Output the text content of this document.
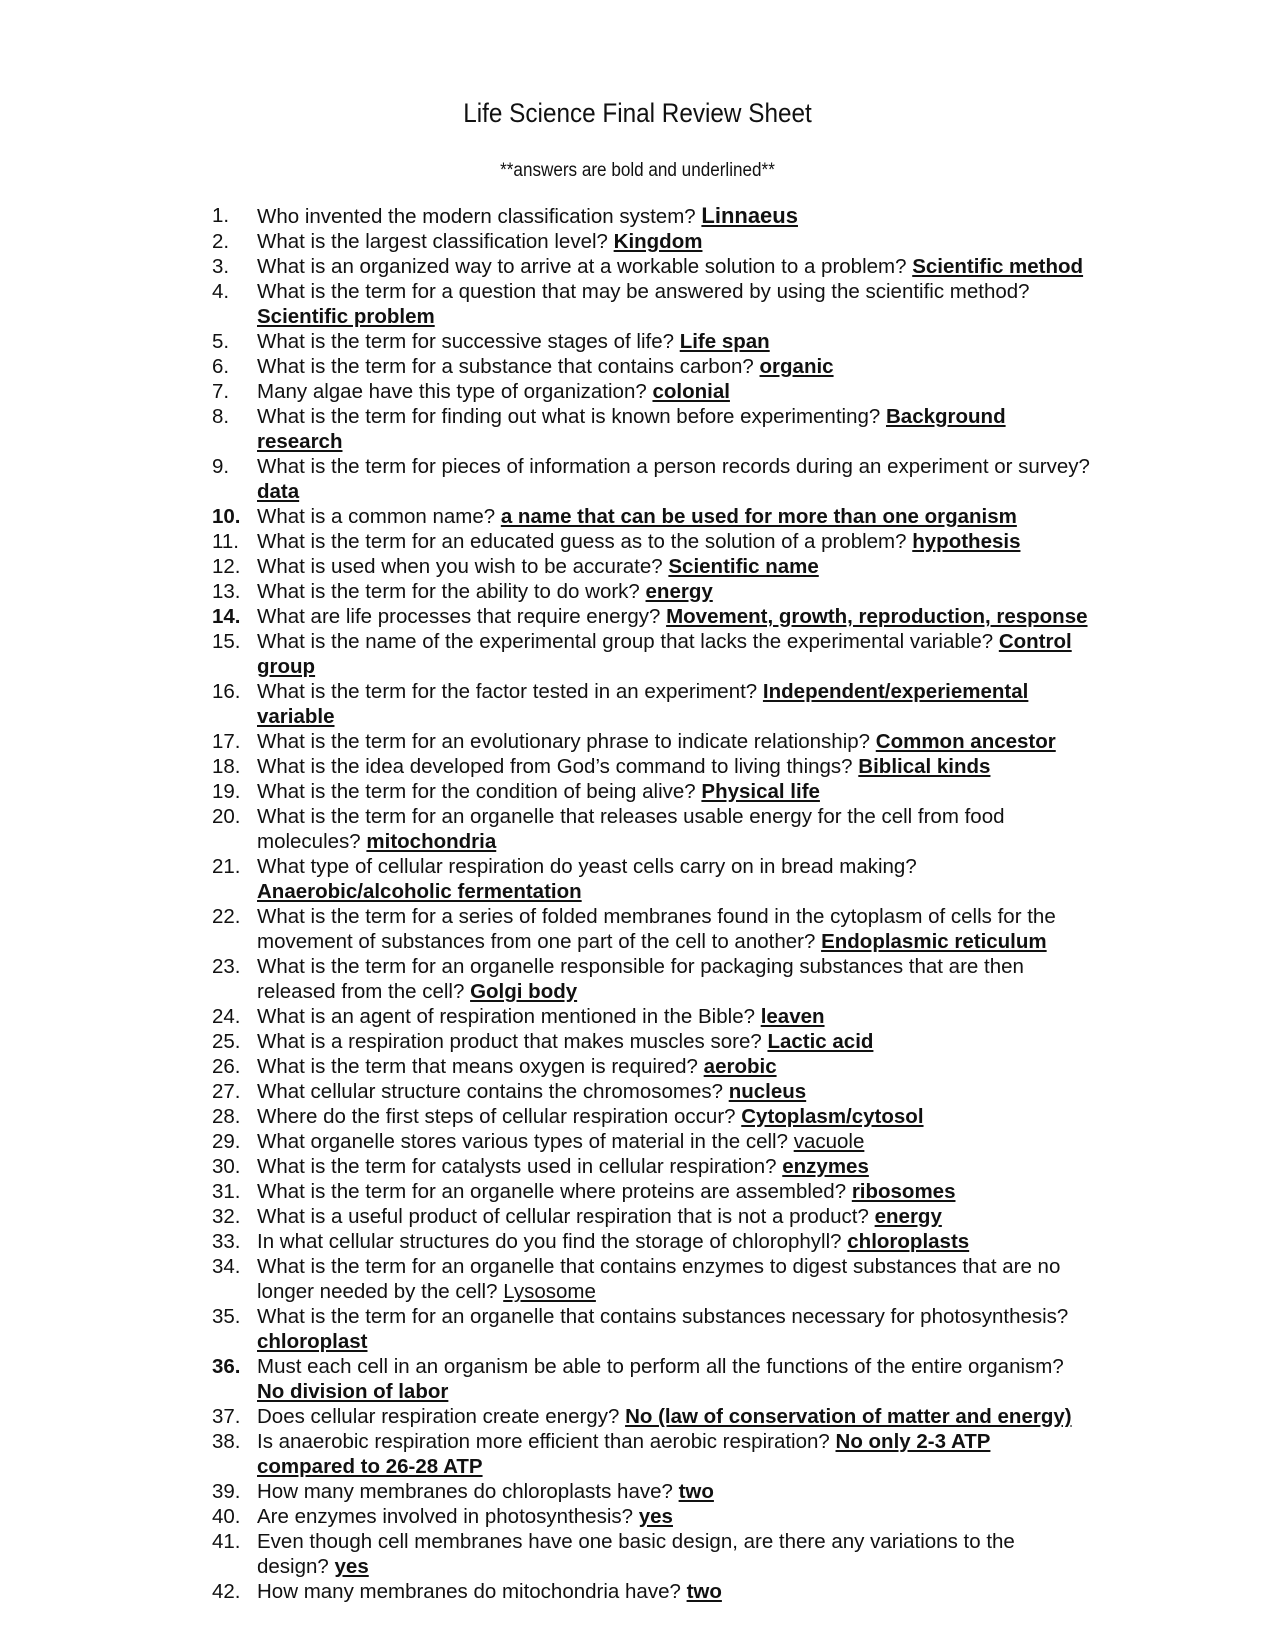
Life Science Final Review Sheet
**answers are bold and underlined**
1.	Who invented the modern classification system? Linnaeus
2.	What is the largest classification level? Kingdom
3.	What is an organized way to arrive at a workable solution to a problem? Scientific method
4.	What is the term for a question that may be answered by using the scientific method? Scientific problem
5.	What is the term for successive stages of life? Life span
6.	What is the term for a substance that contains carbon? organic
7.	Many algae have this type of organization? colonial
8.	What is the term for finding out what is known before experimenting? Background research
9.	What is the term for pieces of information a person records during an experiment or survey? data
10. What is a common name? a name that can be used for more than one organism
11. What is the term for an educated guess as to the solution of a problem? hypothesis
12. What is used when you wish to be accurate? Scientific name
13. What is the term for the ability to do work? energy
14. What are life processes that require energy? Movement, growth, reproduction, response
15. What is the name of the experimental group that lacks the experimental variable? Control group
16. What is the term for the factor tested in an experiment? Independent/experiemental variable
17. What is the term for an evolutionary phrase to indicate relationship? Common ancestor
18. What is the idea developed from God’s command to living things? Biblical kinds
19. What is the term for the condition of being alive? Physical life
20. What is the term for an organelle that releases usable energy for the cell from food molecules? mitochondria
21. What type of cellular respiration do yeast cells carry on in bread making? Anaerobic/alcoholic fermentation
22. What is the term for a series of folded membranes found in the cytoplasm of cells for the movement of substances from one part of the cell to another? Endoplasmic reticulum
23. What is the term for an organelle responsible for packaging substances that are then released from the cell? Golgi body
24. What is an agent of respiration mentioned in the Bible? leaven
25. What is a respiration product that makes muscles sore? Lactic acid
26. What is the term that means oxygen is required? aerobic
27. What cellular structure contains the chromosomes? nucleus
28. Where do the first steps of cellular respiration occur? Cytoplasm/cytosol
29. What organelle stores various types of material in the cell? vacuole
30. What is the term for catalysts used in cellular respiration? enzymes
31. What is the term for an organelle where proteins are assembled? ribosomes
32. What is a useful product of cellular respiration that is not a product? energy
33. In what cellular structures do you find the storage of chlorophyll? chloroplasts
34. What is the term for an organelle that contains enzymes to digest substances that are no longer needed by the cell? Lysosome
35. What is the term for an organelle that contains substances necessary for photosynthesis? chloroplast
36. Must each cell in an organism be able to perform all the functions of the entire organism? No division of labor
37. Does cellular respiration create energy? No (law of conservation of matter and energy)
38. Is anaerobic respiration more efficient than aerobic respiration? No only 2-3 ATP compared to 26-28 ATP
39. How many membranes do chloroplasts have? two
40. Are enzymes involved in photosynthesis? yes
41. Even though cell membranes have one basic design, are there any variations to the design? yes
42. How many membranes do mitochondria have? two
